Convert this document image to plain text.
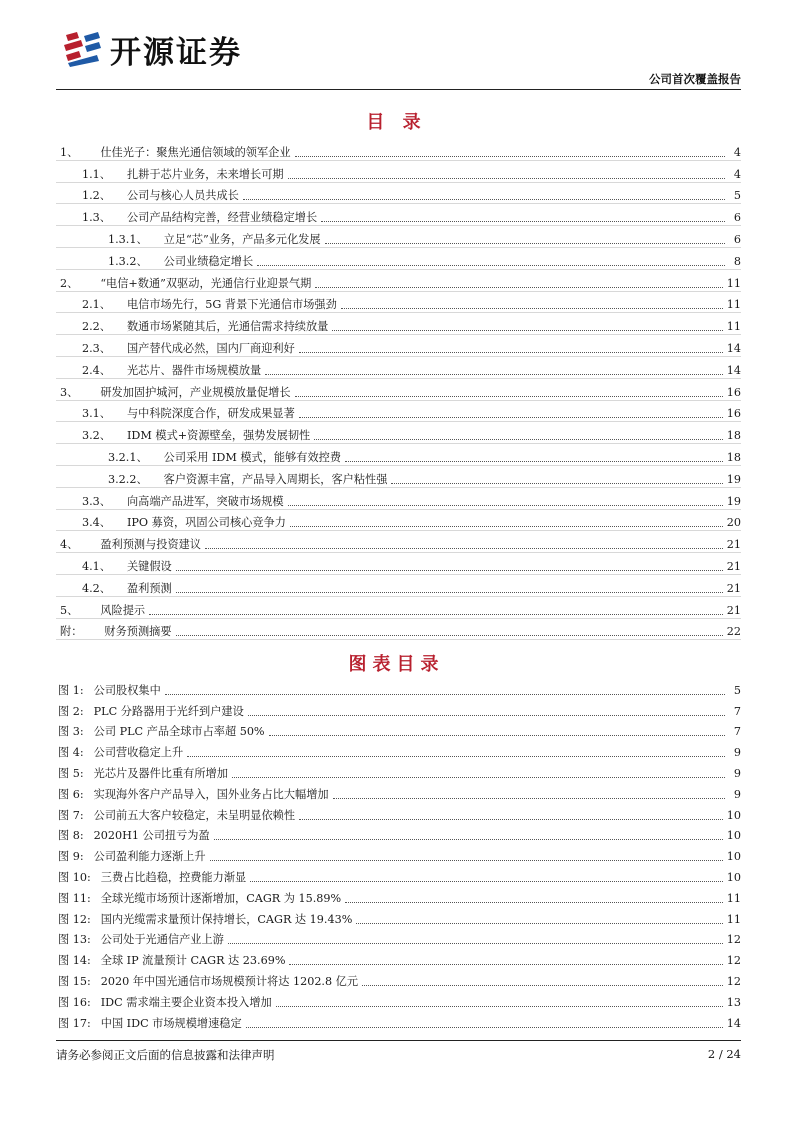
开源证券
公司首次覆盖报告
目 录
1、 仕佳光子：聚焦光通信领域的领军企业	4
1.1、 扎耕于芯片业务，未来增长可期	4
1.2、 公司与核心人员共成长	5
1.3、 公司产品结构完善，经营业绩稳定增长	6
1.3.1、 立足“芯”业务，产品多元化发展	6
1.3.2、 公司业绩稳定增长	8
2、 “电信+数通”双驱动，光通信行业迎景气期	11
2.1、 电信市场先行，5G 背景下光通信市场强劲	11
2.2、 数通市场紧随其后，光通信需求持续放量	11
2.3、 国产替代成必然，国内厂商迎利好	14
2.4、 光芯片、器件市场规模放量	14
3、 研发加固护城河，产业规模放量促增长	16
3.1、 与中科院深度合作，研发成果显著	16
3.2、 IDM 模式+资源壁垒，强势发展韧性	18
3.2.1、 公司采用 IDM 模式，能够有效控费	18
3.2.2、 客户资源丰富，产品导入周期长，客户粘性强	19
3.3、 向高端产品进军，突破市场规模	19
3.4、 IPO 募资，巩固公司核心竞争力	20
4、 盈利预测与投资建议	21
4.1、 关键假设	21
4.2、 盈利预测	21
5、 风险提示	21
附： 财务预测摘要	22
图表目录
图 1: 公司股权集中	5
图 2: PLC 分路器用于光纤到户建设	7
图 3: 公司 PLC 产品全球市占率超 50%	7
图 4: 公司营收稳定上升	9
图 5: 光芯片及器件比重有所增加	9
图 6: 实现海外客户产品导入，国外业务占比大幅增加	9
图 7: 公司前五大客户较稳定，未呈明显依赖性	10
图 8: 2020H1 公司扭亏为盈	10
图 9: 公司盈利能力逐渐上升	10
图 10: 三费占比趋稳，控费能力渐显	10
图 11: 全球光缆市场预计逐渐增加，CAGR 为 15.89%	11
图 12: 国内光缆需求量预计保持增长，CAGR 达 19.43%	11
图 13: 公司处于光通信产业上游	12
图 14: 全球 IP 流量预计 CAGR 达 23.69%	12
图 15: 2020 年中国光通信市场规模预计将达 1202.8 亿元	12
图 16: IDC 需求端主要企业资本投入增加	13
图 17: 中国 IDC 市场规模增速稳定	14
请务必参阅正文后面的信息披露和法律声明	2 / 24
